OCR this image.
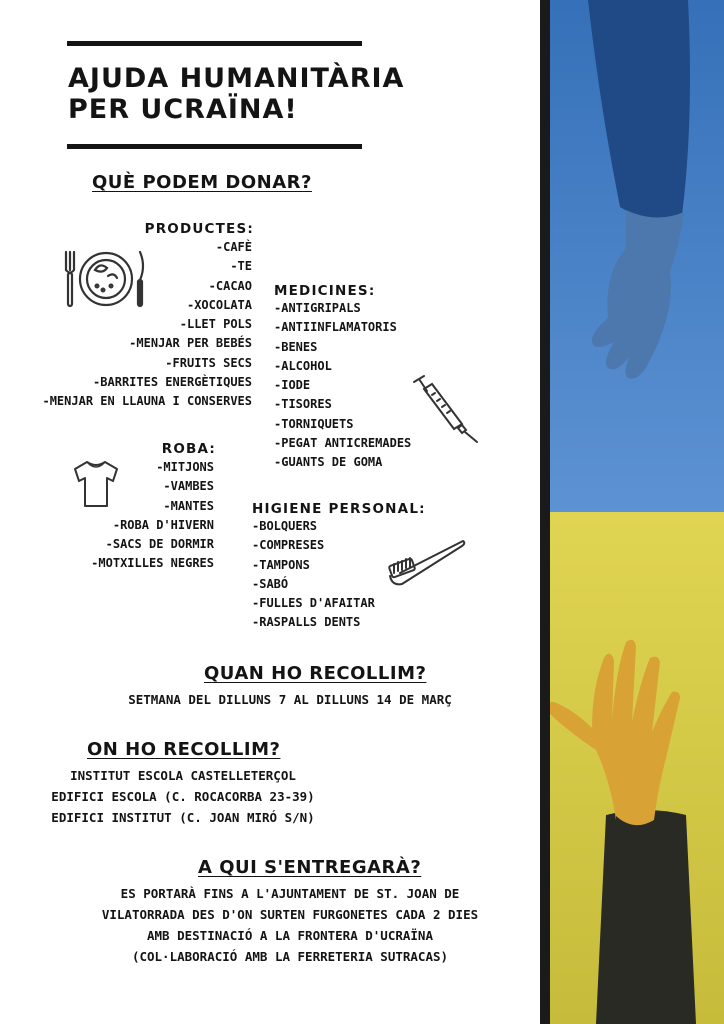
AJUDA HUMANITÀRIA
PER UCRAÏNA!
QUÈ PODEM DONAR?
PRODUCTES:
-CAFÈ
-TE
-CACAO
-XOCOLATA
-LLET POLS
-MENJAR PER BEBÉS
-FRUITS SECS
-BARRITES ENERGÈTIQUES
-MENJAR EN LLAUNA I CONSERVES
MEDICINES:
-ANTIGRIPALS
-ANTIINFLAMATORIS
-BENES
-ALCOHOL
-IODE
-TISORES
-TORNIQUETS
-PEGAT ANTICREMADES
-GUANTS DE GOMA
ROBA:
-MITJONS
-VAMBES
-MANTES
-ROBA D'HIVERN
-SACS DE DORMIR
-MOTXILLES NEGRES
HIGIENE PERSONAL:
-BOLQUERS
-COMPRESES
-TAMPONS
-SABÓ
-FULLES D'AFAITAR
-RASPALLS DENTS
QUAN HO RECOLLIM?
SETMANA DEL DILLUNS 7 AL DILLUNS 14 DE MARÇ
ON HO RECOLLIM?
INSTITUT ESCOLA CASTELLETERÇOL
EDIFICI ESCOLA (C. ROCACORBA 23-39)
EDIFICI INSTITUT (C. JOAN MIRÓ S/N)
A QUI S'ENTREGARÀ?
ES PORTARÀ FINS A L'AJUNTAMENT DE ST. JOAN DE
VILATORRADA DES D'ON SURTEN FURGONETES CADA 2 DIES
AMB DESTINACIÓ A LA FRONTERA D'UCRAÏNA
(COL·LABORACIÓ AMB LA FERRETERIA SUTRACAS)
